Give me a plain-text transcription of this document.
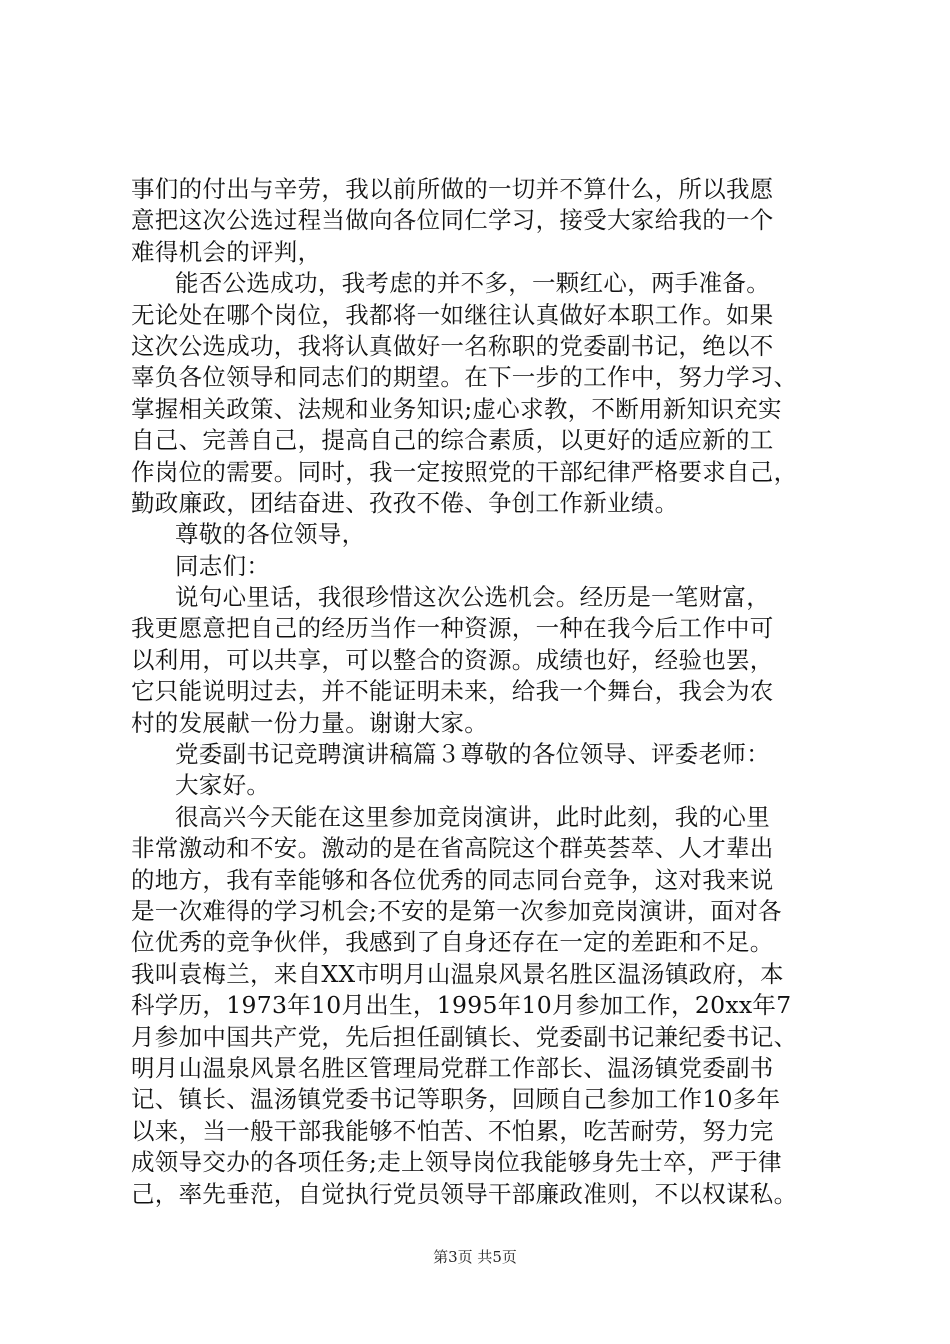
事们的付出与辛劳，我以前所做的一切并不算什么，所以我愿
意把这次公选过程当做向各位同仁学习，接受大家给我的一个
难得机会的评判，
能否公选成功，我考虑的并不多，一颗红心，两手准备。
无论处在哪个岗位，我都将一如继往认真做好本职工作。如果
这次公选成功，我将认真做好一名称职的党委副书记，绝以不
辜负各位领导和同志们的期望。在下一步的工作中，努力学习、
掌握相关政策、法规和业务知识;虚心求教，不断用新知识充实
自己、完善自己，提高自己的综合素质，以更好的适应新的工
作岗位的需要。同时，我一定按照党的干部纪律严格要求自己，
勤政廉政，团结奋进、孜孜不倦、争创工作新业绩。
尊敬的各位领导，
同志们：
说句心里话，我很珍惜这次公选机会。经历是一笔财富，
我更愿意把自己的经历当作一种资源，一种在我今后工作中可
以利用，可以共享，可以整合的资源。成绩也好，经验也罢，
它只能说明过去，并不能证明未来，给我一个舞台，我会为农
村的发展献一份力量。谢谢大家。
党委副书记竞聘演讲稿篇３尊敬的各位领导、评委老师：
大家好。
很高兴今天能在这里参加竞岗演讲，此时此刻，我的心里
非常激动和不安。激动的是在省高院这个群英荟萃、人才辈出
的地方，我有幸能够和各位优秀的同志同台竞争，这对我来说
是一次难得的学习机会;不安的是第一次参加竞岗演讲，面对各
位优秀的竞争伙伴，我感到了自身还存在一定的差距和不足。
我叫袁梅兰，来自XX市明月山温泉风景名胜区温汤镇政府，本
科学历，1973年10月出生，1995年10月参加工作，20xx年7
月参加中国共产党，先后担任副镇长、党委副书记兼纪委书记、
明月山温泉风景名胜区管理局党群工作部长、温汤镇党委副书
记、镇长、温汤镇党委书记等职务，回顾自己参加工作10多年
以来，当一般干部我能够不怕苦、不怕累，吃苦耐劳，努力完
成领导交办的各项任务;走上领导岗位我能够身先士卒，严于律
己，率先垂范，自觉执行党员领导干部廉政准则，不以权谋私。
第3页 共5页
